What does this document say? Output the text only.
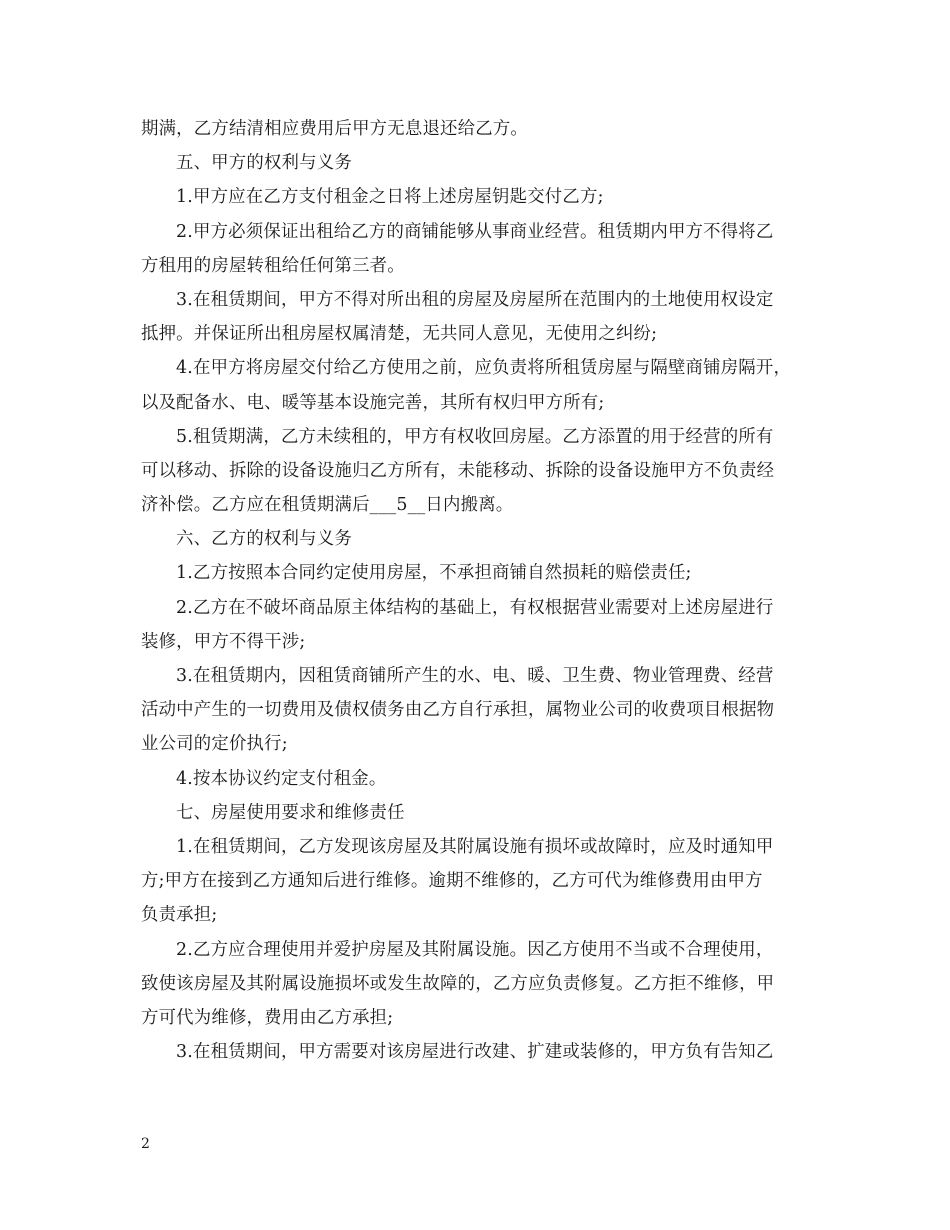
期满，乙方结清相应费用后甲方无息退还给乙方。
五、甲方的权利与义务
1.甲方应在乙方支付租金之日将上述房屋钥匙交付乙方;
2.甲方必须保证出租给乙方的商铺能够从事商业经营。租赁期内甲方不得将乙
方租用的房屋转租给任何第三者。
3.在租赁期间，甲方不得对所出租的房屋及房屋所在范围内的土地使用权设定
抵押。并保证所出租房屋权属清楚，无共同人意见，无使用之纠纷;
4.在甲方将房屋交付给乙方使用之前，应负责将所租赁房屋与隔壁商铺房隔开，
以及配备水、电、暖等基本设施完善，其所有权归甲方所有;
5.租赁期满，乙方未续租的，甲方有权收回房屋。乙方添置的用于经营的所有
可以移动、拆除的设备设施归乙方所有，未能移动、拆除的设备设施甲方不负责经
济补偿。乙方应在租赁期满后___5__日内搬离。
六、乙方的权利与义务
1.乙方按照本合同约定使用房屋，不承担商铺自然损耗的赔偿责任;
2.乙方在不破坏商品原主体结构的基础上，有权根据营业需要对上述房屋进行
装修，甲方不得干涉;
3.在租赁期内，因租赁商铺所产生的水、电、暖、卫生费、物业管理费、经营
活动中产生的一切费用及债权债务由乙方自行承担，属物业公司的收费项目根据物
业公司的定价执行;
4.按本协议约定支付租金。
七、房屋使用要求和维修责任
1.在租赁期间，乙方发现该房屋及其附属设施有损坏或故障时，应及时通知甲
方;甲方在接到乙方通知后进行维修。逾期不维修的，乙方可代为维修费用由甲方
负责承担;
2.乙方应合理使用并爱护房屋及其附属设施。因乙方使用不当或不合理使用，
致使该房屋及其附属设施损坏或发生故障的，乙方应负责修复。乙方拒不维修，甲
方可代为维修，费用由乙方承担;
3.在租赁期间，甲方需要对该房屋进行改建、扩建或装修的，甲方负有告知乙
2
